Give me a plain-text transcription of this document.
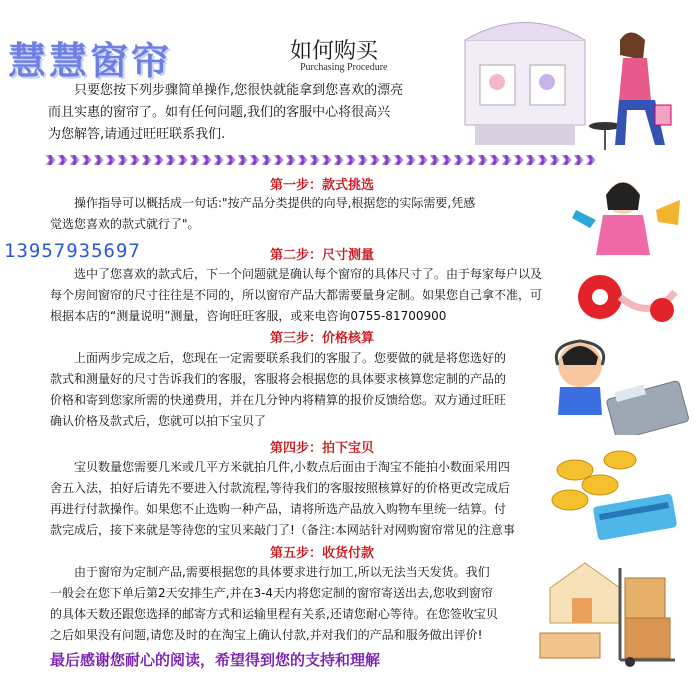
慧慧窗帘	如何购买
Purchasing Procedure
只要您按下列步骤简单操作,您很快就能拿到您喜欢的漂亮
而且实惠的窗帘了。如有任何问题,我们的客服中心将很高兴
为您解答,请通过旺旺联系我们.
第一步：款式挑选
操作指导可以概括成一句话:"按产品分类提供的向导,根据您的实际需要,凭感
觉选您喜欢的款式就行了"。
13957935697	第二步：尺寸测量
选中了您喜欢的款式后，下一个问题就是确认每个窗帘的具体尺寸了。由于每家每户以及
每个房间窗帘的尺寸往往是不同的，所以窗帘产品大都需要量身定制。如果您自己拿不准，可
根据本店的“测量说明”测量，咨询旺旺客服，或来电咨询0755-81700900
第三步：价格核算
上面两步完成之后，您现在一定需要联系我们的客服了。您要做的就是将您选好的
款式和测量好的尺寸告诉我们的客服，客服将会根据您的具体要求核算您定制的产品的
价格和寄到您家所需的快递费用，并在几分钟内将精算的报价反馈给您。双方通过旺旺
确认价格及款式后，您就可以拍下宝贝了
第四步：拍下宝贝
宝贝数量您需要几米或几平方米就拍几件,小数点后面由于淘宝不能拍小数面采用四
舍五入法，拍好后请先不要进入付款流程,等待我们的客服按照核算好的价格更改完成后
再进行付款操作。如果您不止选购一种产品，请将所选产品放入购物车里统一结算。付
款完成后，接下来就是等待您的宝贝来敲门了!（备注:本网站针对网购窗帘常见的注意事
第五步：收货付款
由于窗帘为定制产品,需要根据您的具体要求进行加工,所以无法当天发货。我们
一般会在您下单后第2天安排生产,并在3-4天内将您定制的窗帘寄送出去,您收到窗帘
的具体天数还跟您选择的邮寄方式和运输里程有关系,还请您耐心等待。在您签收宝贝
之后如果没有问题,请您及时的在淘宝上确认付款,并对我们的产品和服务做出评价!
最后感谢您耐心的阅读，希望得到您的支持和理解
